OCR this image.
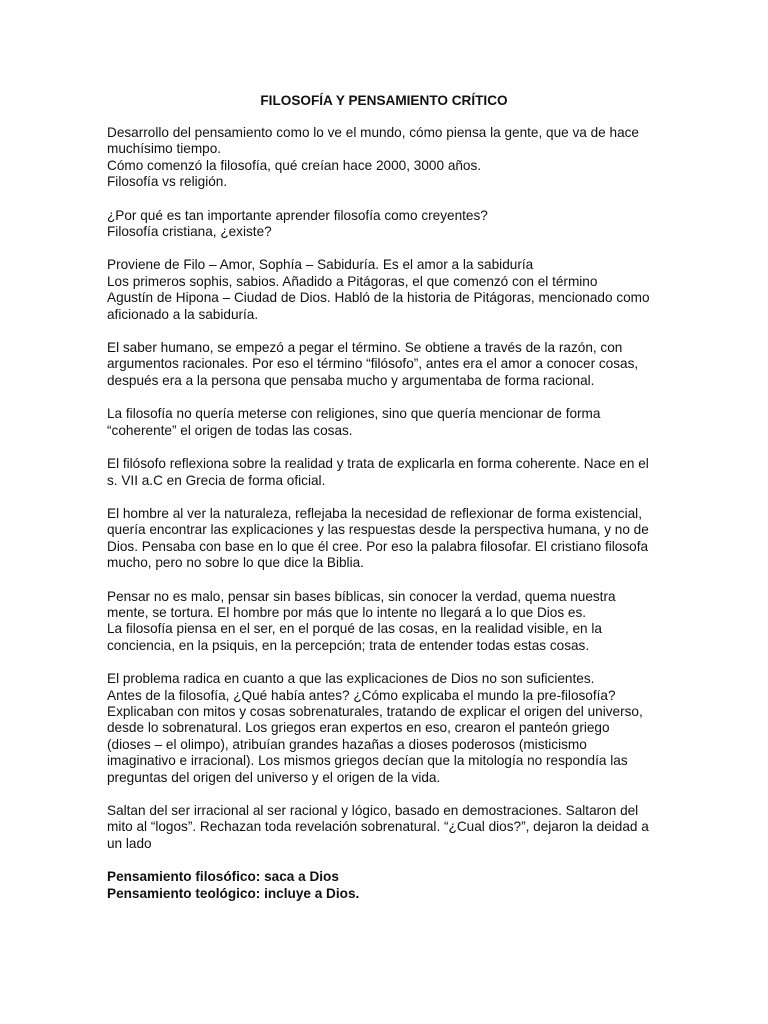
FILOSOFÍA Y PENSAMIENTO CRÍTICO

Desarrollo del pensamiento como lo ve el mundo, cómo piensa la gente, que va de hace
muchísimo tiempo.
Cómo comenzó la filosofía, qué creían hace 2000, 3000 años.
Filosofía vs religión.

¿Por qué es tan importante aprender filosofía como creyentes?
Filosofía cristiana, ¿existe?

Proviene de Filo – Amor, Sophía – Sabiduría. Es el amor a la sabiduría
Los primeros sophis, sabios. Añadido a Pitágoras, el que comenzó con el término
Agustín de Hipona – Ciudad de Dios. Habló de la historia de Pitágoras, mencionado como
aficionado a la sabiduría.

El saber humano, se empezó a pegar el término. Se obtiene a través de la razón, con
argumentos racionales. Por eso el término “filósofo”, antes era el amor a conocer cosas,
después era a la persona que pensaba mucho y argumentaba de forma racional.

La filosofía no quería meterse con religiones, sino que quería mencionar de forma
“coherente” el origen de todas las cosas.

El filósofo reflexiona sobre la realidad y trata de explicarla en forma coherente. Nace en el
s. VII a.C en Grecia de forma oficial.

El hombre al ver la naturaleza, reflejaba la necesidad de reflexionar de forma existencial,
quería encontrar las explicaciones y las respuestas desde la perspectiva humana, y no de
Dios. Pensaba con base en lo que él cree. Por eso la palabra filosofar. El cristiano filosofa
mucho, pero no sobre lo que dice la Biblia.

Pensar no es malo, pensar sin bases bíblicas, sin conocer la verdad, quema nuestra
mente, se tortura. El hombre por más que lo intente no llegará a lo que Dios es.
La filosofía piensa en el ser, en el porqué de las cosas, en la realidad visible, en la
conciencia, en la psiquis, en la percepción; trata de entender todas estas cosas.

El problema radica en cuanto a que las explicaciones de Dios no son suficientes.
Antes de la filosofía, ¿Qué había antes? ¿Cómo explicaba el mundo la pre-filosofía?
Explicaban con mitos y cosas sobrenaturales, tratando de explicar el origen del universo,
desde lo sobrenatural. Los griegos eran expertos en eso, crearon el panteón griego
(dioses – el olimpo), atribuían grandes hazañas a dioses poderosos (misticismo
imaginativo e irracional). Los mismos griegos decían que la mitología no respondía las
preguntas del origen del universo y el origen de la vida.

Saltan del ser irracional al ser racional y lógico, basado en demostraciones. Saltaron del
mito al “logos”. Rechazan toda revelación sobrenatural. “¿Cual dios?”, dejaron la deidad a
un lado

Pensamiento filosófico: saca a Dios
Pensamiento teológico: incluye a Dios.
